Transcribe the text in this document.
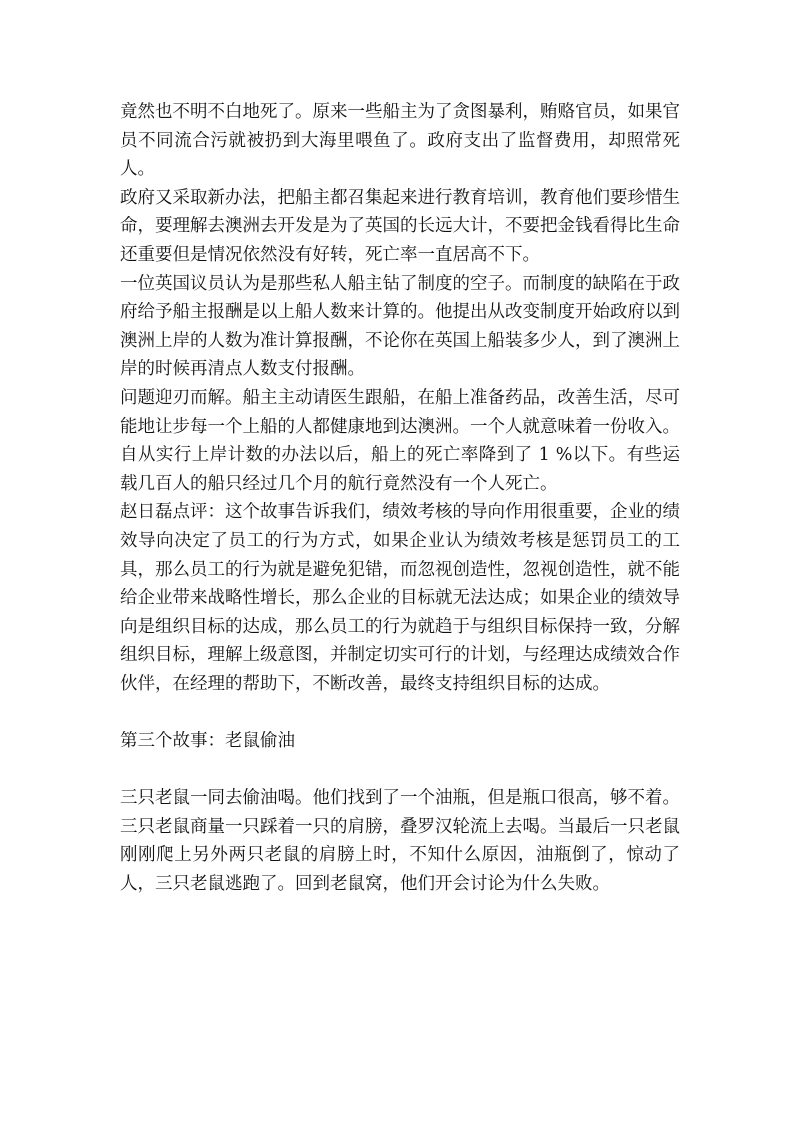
竟然也不明不白地死了。原来一些船主为了贪图暴利，贿赂官员，如果官员不同流合污就被扔到大海里喂鱼了。政府支出了监督费用，却照常死人。

政府又采取新办法，把船主都召集起来进行教育培训，教育他们要珍惜生命，要理解去澳洲去开发是为了英国的长远大计，不要把金钱看得比生命还重要但是情况依然没有好转，死亡率一直居高不下。

一位英国议员认为是那些私人船主钻了制度的空子。而制度的缺陷在于政府给予船主报酬是以上船人数来计算的。他提出从改变制度开始政府以到澳洲上岸的人数为准计算报酬，不论你在英国上船装多少人，到了澳洲上岸的时候再清点人数支付报酬。

问题迎刃而解。船主主动请医生跟船，在船上准备药品，改善生活，尽可能地让步每一个上船的人都健康地到达澳洲。一个人就意味着一份收入。

自从实行上岸计数的办法以后，船上的死亡率降到了 1 %以下。有些运载几百人的船只经过几个月的航行竟然没有一个人死亡。

赵日磊点评：这个故事告诉我们，绩效考核的导向作用很重要，企业的绩效导向决定了员工的行为方式，如果企业认为绩效考核是惩罚员工的工具，那么员工的行为就是避免犯错，而忽视创造性，忽视创造性，就不能给企业带来战略性增长，那么企业的目标就无法达成；如果企业的绩效导向是组织目标的达成，那么员工的行为就趋于与组织目标保持一致，分解组织目标，理解上级意图，并制定切实可行的计划，与经理达成绩效合作伙伴，在经理的帮助下，不断改善，最终支持组织目标的达成。

第三个故事：老鼠偷油

三只老鼠一同去偷油喝。他们找到了一个油瓶，但是瓶口很高，够不着。三只老鼠商量一只踩着一只的肩膀，叠罗汉轮流上去喝。当最后一只老鼠刚刚爬上另外两只老鼠的肩膀上时，不知什么原因，油瓶倒了，惊动了人，三只老鼠逃跑了。回到老鼠窝，他们开会讨论为什么失败。
